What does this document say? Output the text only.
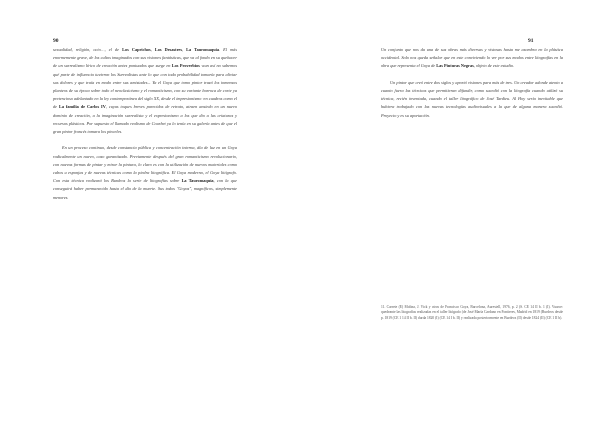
90

sexualidad, religión, ocio…, el de Los Caprichos, Los Desastres, La Tauromaquia. El más enormemente grave, de los cultos imaginados con sus visiones fantásticas, que va al fondo en su quehacer de un surrealismo lírico de creación antes pontuados que surge en Los Proverbios ·aun así no sabemos qué parte de influencia tuvieron los Surrealistas ante lo que con toda probabilidad tomaría para aliviar sus dolores y que traía en modo entre sus amistades–. Ya el Goya que tomo pintor trazó los inmensos planteos de su época sobre todo el neoclasicismo y el romanticismo, con su variante barroca de corte ya pretencioso adelantado en la ley contemporánea del siglo XX, desde el impresionismo ·en cuadros como el de La familia de Carlos IV, cuyas toques breves parecidos de retrato, atraen ansiedo en un nuevo dominio de creación, a la imaginación surrealista y el expresionismo a los que dio a las criaturas y recursos plásticos. Por supuesto el llamado realismo de Courbet ya lo tenía en su galería antes de que el gran pintor francés tomara los pinceles.

En un proceso continuo, desde constancia pública y concentración interna, día de luz en un Goya radicalmente un nuevo, caso garantizado. Previamente después del gran romanticismo revolucionario, con nuevas formas de pintar y mirar la pintura, lo claro es con la utilización de nuevos materiales como cabos u esponjas y de nuevas técnicas como la piedra litográfica. El Goya moderno, el Goya litógrafo. Con esta técnica realizará los Burdeos la serie de litografías sobre La Tauromaquia, con la que conseguirá haber permanecido hasta el día de la muerte. Sus todos "Goyas", magníficos, simplemente menores.

91

Un conjunto que nos da una de sus obras más diversas y vistosas hasta me asombra en la plástica occidental. Solo nos queda señalar que en este conviviendo lo ver por sus modos entre litografías en la obra que representa el Goya de Las Pinturas Negras, objeto de este estudio.

Un pintor que creó entre dos siglos y aportó visiones para más de tres. Un creador adonde atento a cuanto fuera las técnicas que permitieran difundir, como sucedió con la litografía cuando utilizó su técnica, recién inventada, cuando el taller litográfico de José Tardieu. Al Hoy sería inevitable que hubiera trabajado con las nuevas tecnologías audiovisuales a la que de alguna manera sucedió. Proyecto y es su aportación.

11. Carrete (E) Molina, J. Vick y otros de Francisco Goya, Barcelona, Aurestell, 1976, p. 2 (S. CE 14 II b. 1 (I). Vuarce: quedeante las litografías realizadas en el taller litógrafo (de José María Cardano en Fontieres, Madrid en 1819 (Burdeos desde p. 1819 (CE 1 14 II b. II) durda 1820 (I) (CE 14 I b. II) y realizada posteriormente en Burdeos (II) desde 1824 (II) (CE 1 II b).
